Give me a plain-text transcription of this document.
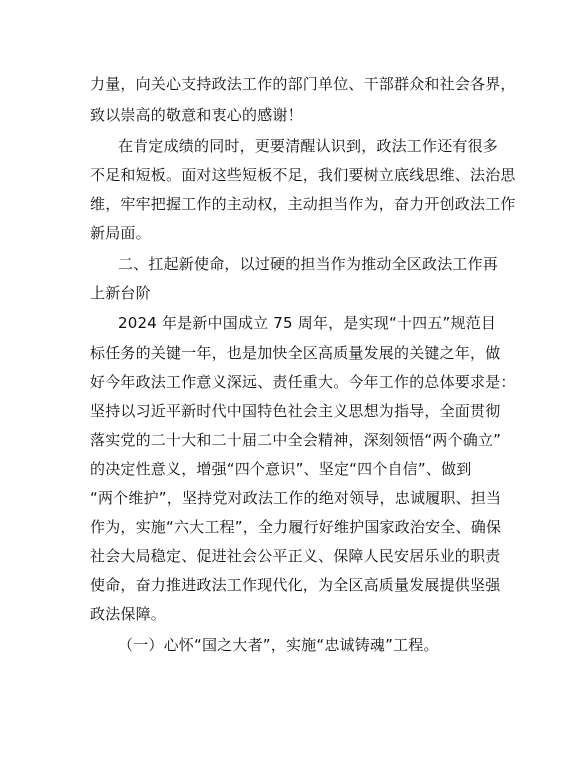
力量，向关心支持政法工作的部门单位、干部群众和社会各界，
致以崇高的敬意和衷心的感谢！
在肯定成绩的同时，更要清醒认识到，政法工作还有很多
不足和短板。面对这些短板不足，我们要树立底线思维、法治思
维，牢牢把握工作的主动权，主动担当作为，奋力开创政法工作
新局面。
二、扛起新使命，以过硬的担当作为推动全区政法工作再
上新台阶
2024 年是新中国成立 75 周年，是实现“十四五”规范目
标任务的关键一年，也是加快全区高质量发展的关键之年，做
好今年政法工作意义深远、责任重大。今年工作的总体要求是：
坚持以习近平新时代中国特色社会主义思想为指导，全面贯彻
落实党的二十大和二十届二中全会精神，深刻领悟“两个确立”
的决定性意义，增强“四个意识”、坚定“四个自信”、做到
“两个维护”，坚持党对政法工作的绝对领导，忠诚履职、担当
作为，实施“六大工程”，全力履行好维护国家政治安全、确保
社会大局稳定、促进社会公平正义、保障人民安居乐业的职责
使命，奋力推进政法工作现代化，为全区高质量发展提供坚强
政法保障。
（一）心怀“国之大者”，实施“忠诚铸魂”工程。
